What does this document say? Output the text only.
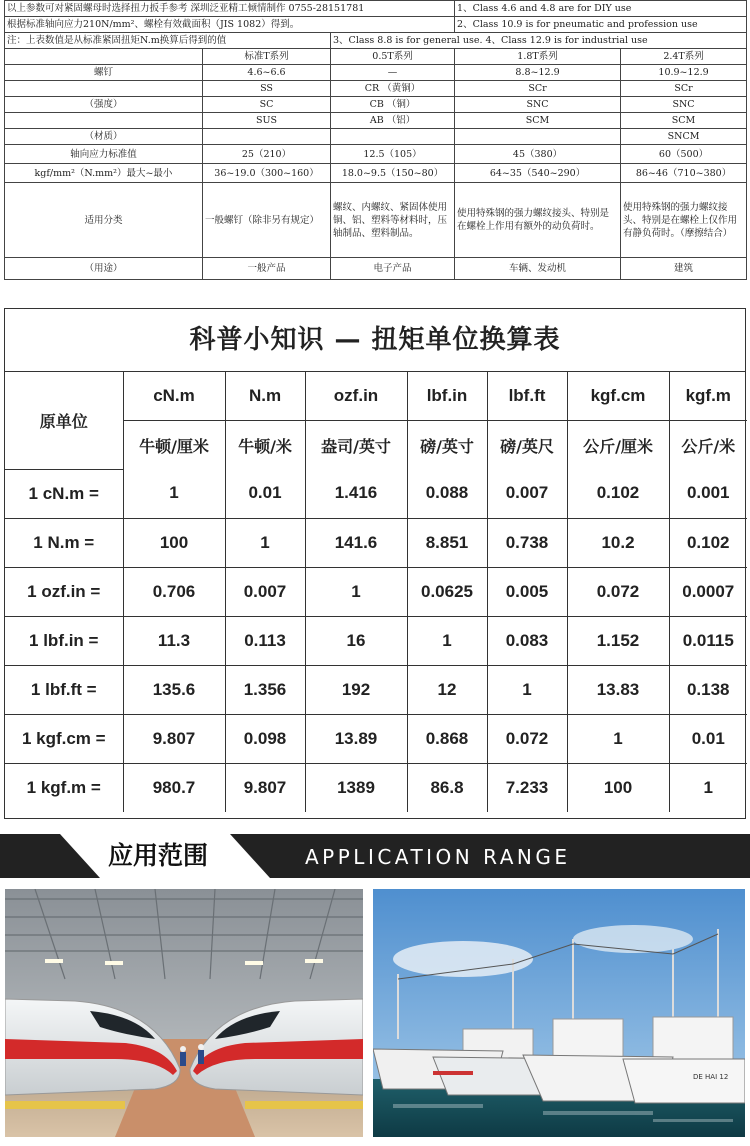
以上参数可对紧固螺母时选择扭力扳手参考 深圳泛亚精工倾情制作 0755-28151781			1、Class 4.6 and 4.8 are for DIY use	
根据标准轴向应力210N/mm²、螺栓有效截面积（JIS 1082）得到。			2、Class 10.9 is for pneumatic and profession use	
注：上表数值是从标准紧固扭矩N.m换算后得到的值		3、Class 8.8 is for general use. 4、Class 12.9 is for industrial use		
	标准T系列	0.5T系列	1.8T系列	2.4T系列
螺钉	4.6~6.6	—	8.8~12.9	10.9~12.9
	SS	CR （黄铜）	SCr	SCr
（强度）	SC	CB （铜）	SNC	SNC
	SUS	AB （铝）	SCM	SCM
（材质）				SNCM
轴向应力标准值	25（210）	12.5（105）	45（380）	60（500）
kgf/mm²（N.mm²）最大~最小	36~19.0（300~160）	18.0~9.5（150~80）	64~35（540~290）	86~46（710~380）
适用分类	一般螺钉（除非另有规定）	螺纹、内螺纹、紧固体使用铜、铝、塑料等材料时，压轴制品、塑料制品。	使用特殊钢的强力螺纹接头、特别是在螺栓上作用有额外的动负荷时。	使用特殊钢的强力螺纹接头、特别是在螺栓上仅作用有静负荷时。（摩擦结合）
（用途）	一般产品	电子产品	车辆、发动机	建筑
科普小知识 — 扭矩单位换算表
原单位	cN.m	N.m	ozf.in	lbf.in	lbf.ft	kgf.cm	kgf.m
	牛顿/厘米	牛顿/米	盎司/英寸	磅/英寸	磅/英尺	公斤/厘米	公斤/米
1 cN.m =	1	0.01	1.416	0.088	0.007	0.102	0.001
1 N.m =	100	1	141.6	8.851	0.738	10.2	0.102
1 ozf.in =	0.706	0.007	1	0.0625	0.005	0.072	0.0007
1 lbf.in =	11.3	0.113	16	1	0.083	1.152	0.0115
1 lbf.ft =	135.6	1.356	192	12	1	13.83	0.138
1 kgf.cm =	9.807	0.098	13.89	0.868	0.072	1	0.01
1 kgf.m =	980.7	9.807	1389	86.8	7.233	100	1
应用范围	APPLICATION RANGE
DE HAI 12
